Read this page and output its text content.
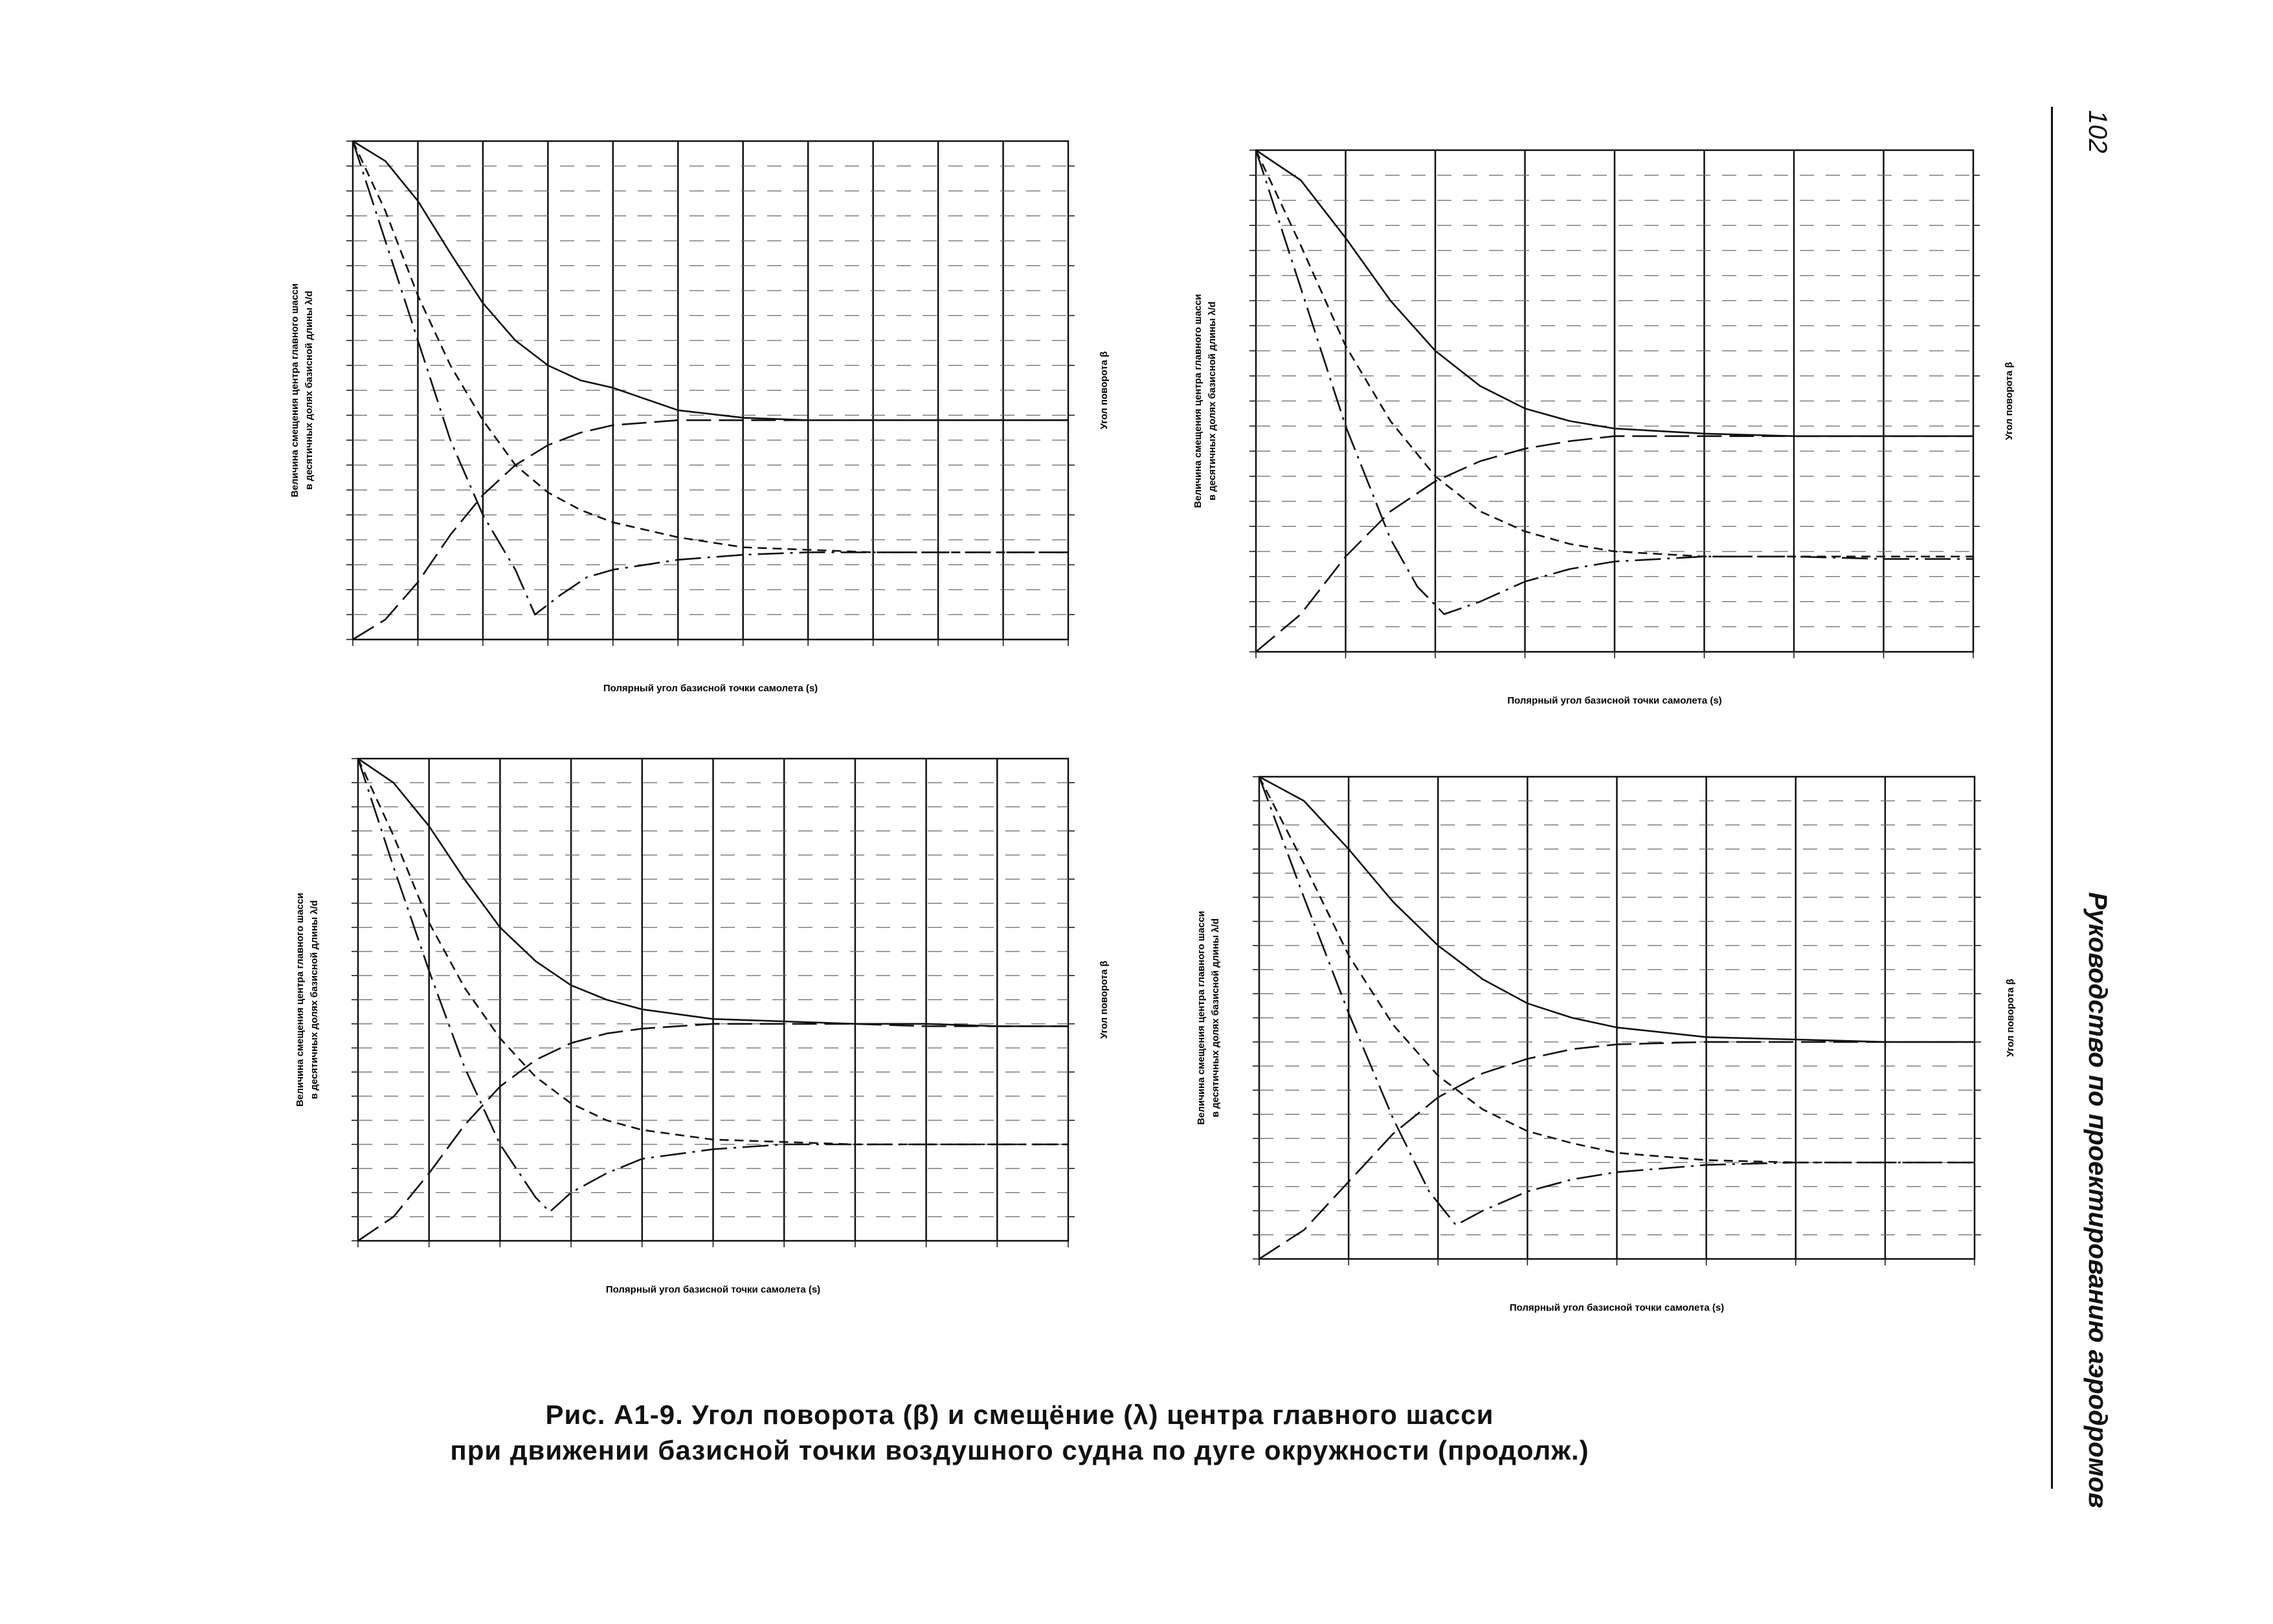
Полярный угол базисной точки самолета (s)
Величина смещения центра главного шасси в десятичных долях базисной длины λ/d	Угол поворота β
Полярный угол базисной точки самолета (s)
Величина смещения центра главного шасси в десятичных долях базисной длины λ/d	Угол поворота β
Полярный угол базисной точки самолета (s)
Величина смещения центра главного шасси в десятичных долях базисной длины λ/d	Угол поворота β
Полярный угол базисной точки самолета (s)
Величина смещения центра главного шасси в десятичных долях базисной длины λ/d	Угол поворота β
Рис. А1-9. Угол поворота (β) и смещёние (λ) центра главного шасси
при движении базисной точки воздушного судна по дуге окружности (продолж.)
102
Руководство по проектированию аэродромов
